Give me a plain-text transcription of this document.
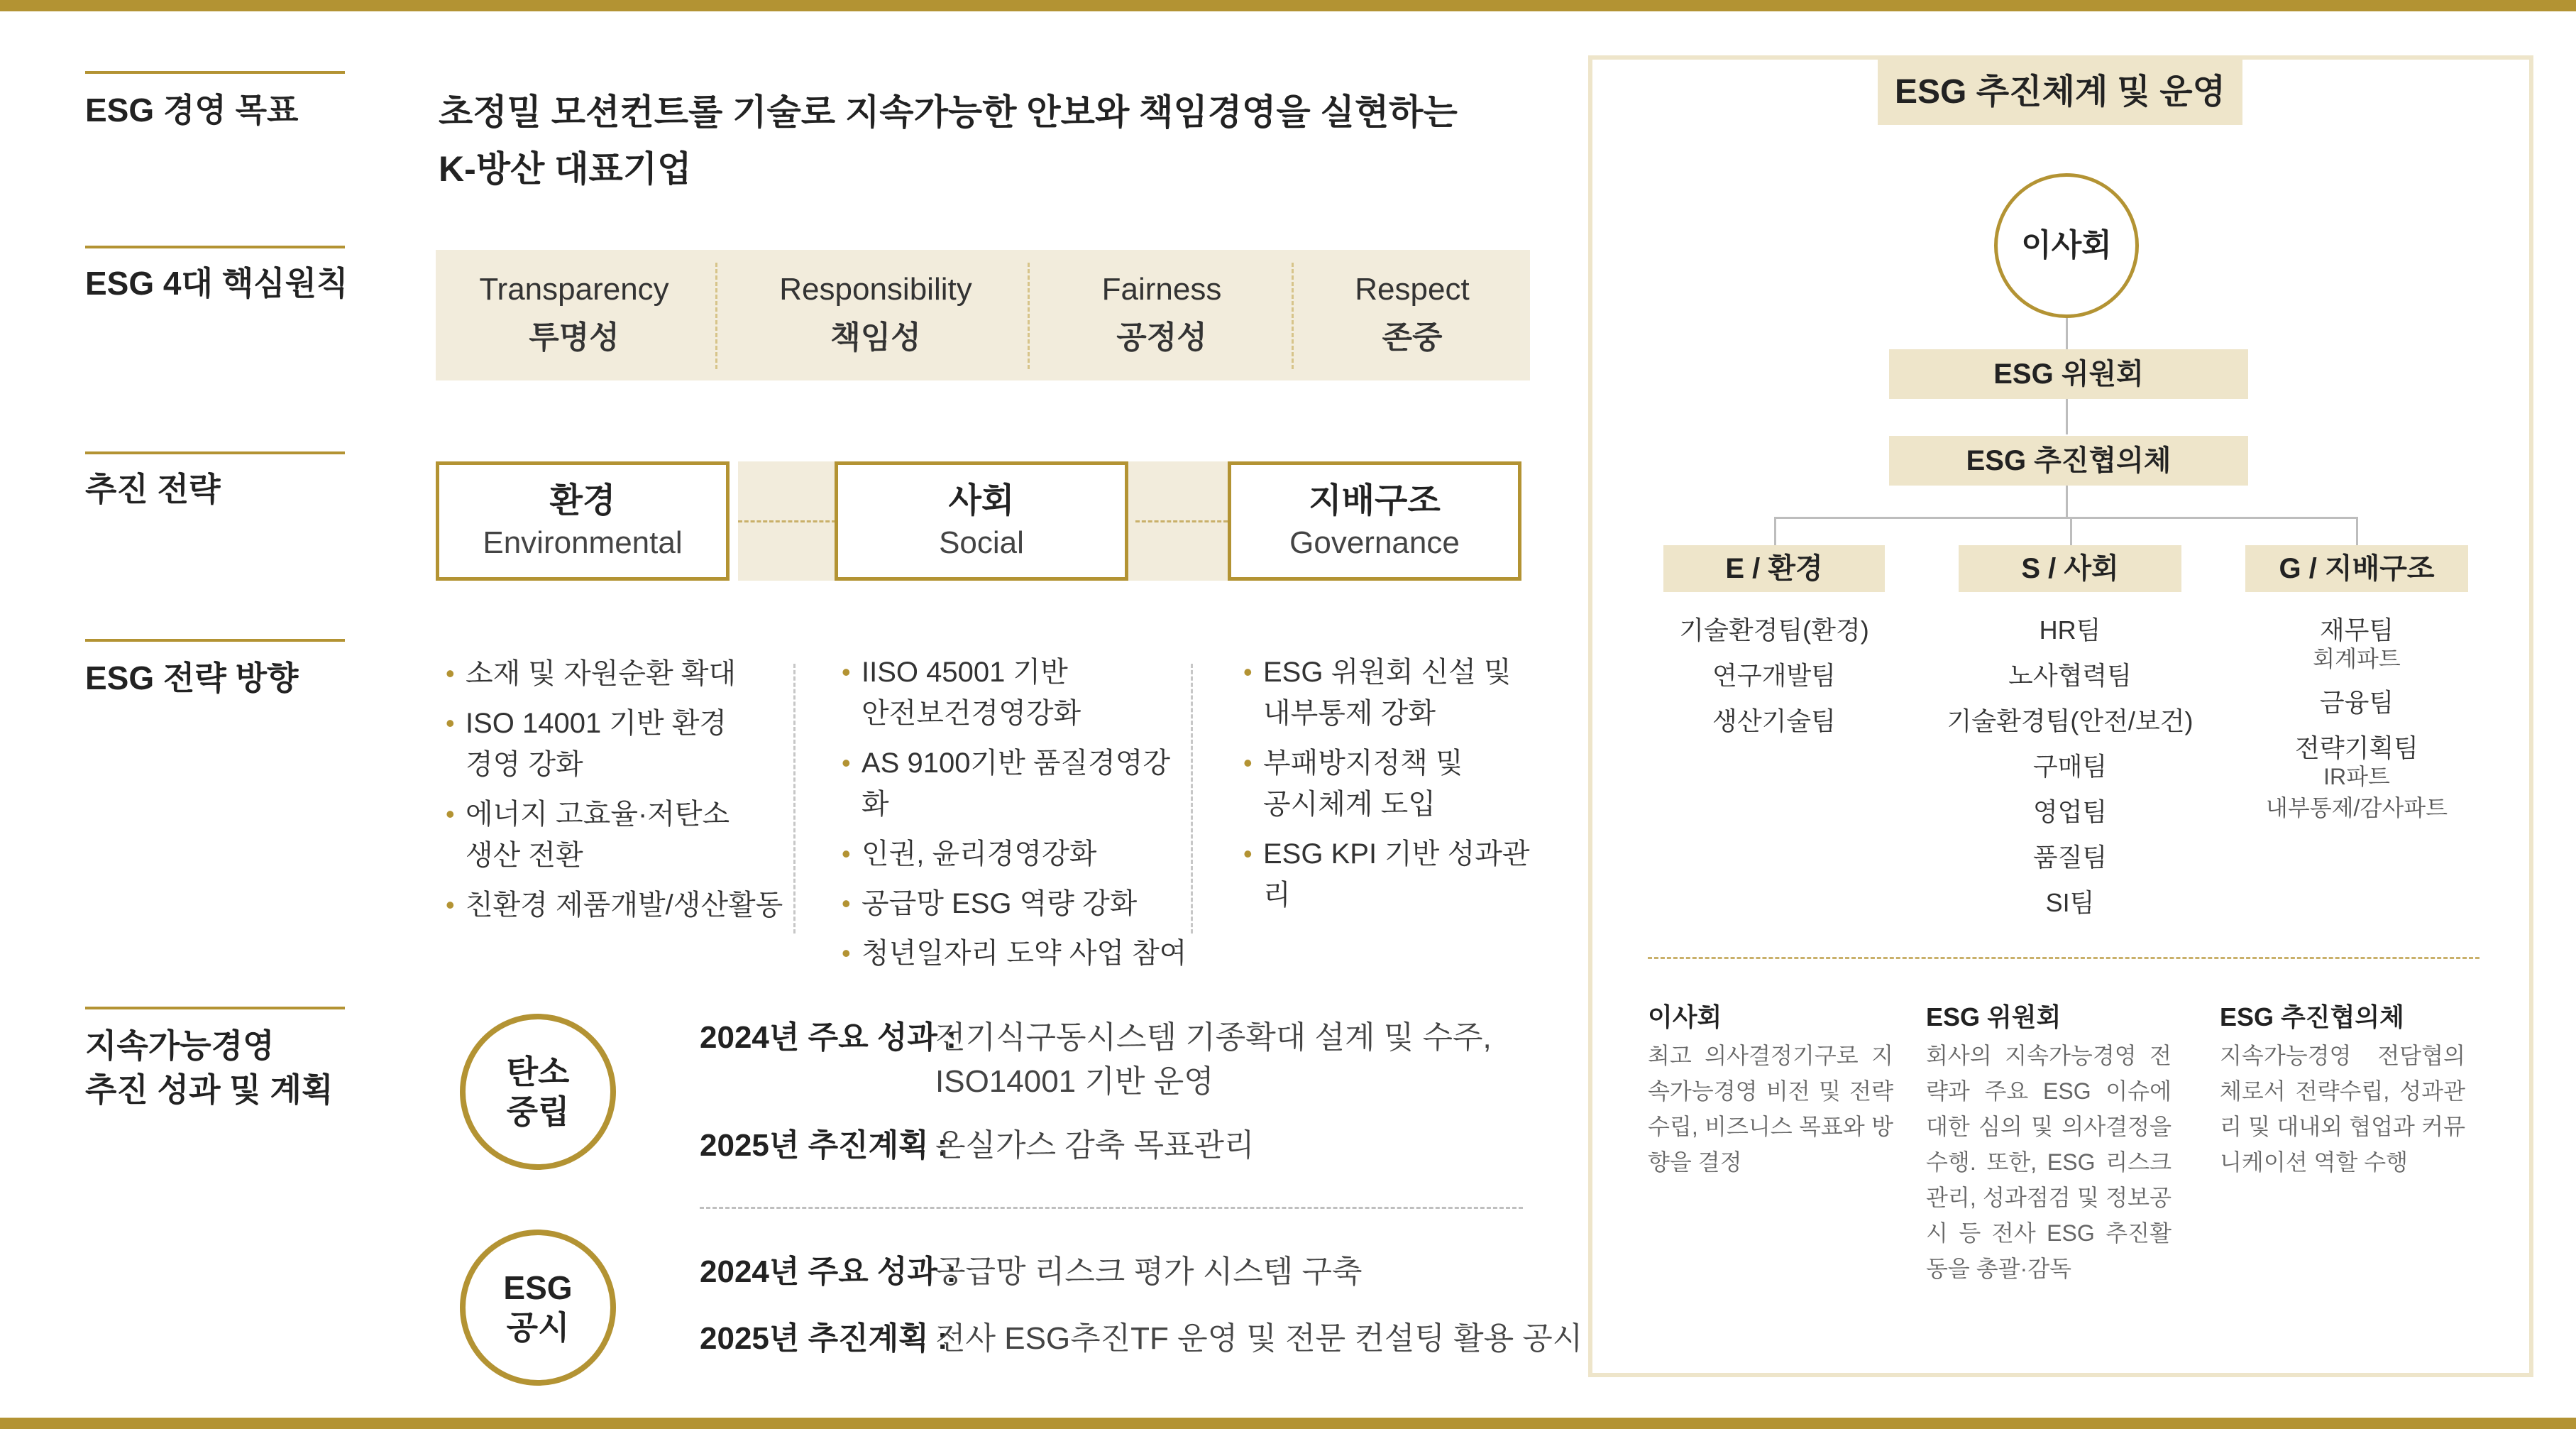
ESG 경영 목표	초정밀 모션컨트롤 기술로 지속가능한 안보와 책임경영을 실현하는
K-방산 대표기업
ESG 4대 핵심원칙	Transparency
투명성
Responsibility
책임성
Fairness
공정성
Respect
존중
추진 전략	환경
Environmental
사회
Social
지배구조
Governance
ESG 전략 방향
•	소재 및 자원순환 확대
• ISO 14001 기반 환경
경영 강화
• 에너지 고효율·저탄소
생산 전환
• 친환경 제품개발/생산활동
• IISO 45001 기반
안전보건경영강화
• AS 9100기반 품질경영강화
• 인권, 윤리경영강화
• 공급망 ESG 역량 강화
• 청년일자리 도약 사업 참여
• ESG 위원회 신설 및
내부통제 강화
• 부패방지정책 및
공시체계 도입
• ESG KPI 기반 성과관리
지속가능경영
추진 성과 및 계획	탄소
중립
2024년 주요 성과 :
전기식구동시스템 기종확대 설계 및 수주,
ISO14001 기반 운영
2025년 추진계획 :
온실가스 감축 목표관리
ESG
공시
2024년 주요 성과 :
공급망 리스크 평가 시스템 구축
2025년 추진계획 :
전사 ESG추진TF 운영 및 전문 컨설팅 활용 공시
ESG 추진체계 및 운영
이사회
ESG 위원회
ESG 추진협의체
E / 환경	S / 사회	G / 지배구조
기술환경팀(환경)
연구개발팀
생산기술팀
HR팀
노사협력팀
기술환경팀(안전/보건)
구매팀
영업팀
품질팀
SI팀
재무팀
회계파트
금융팀
전략기획팀
IR파트
내부통제/감사파트
이사회
최고 의사결정기구로 지속가능경영 비전 및 전략 수립, 비즈니스 목표와 방향을 결정
ESG 위원회
회사의 지속가능경영 전략과 주요 ESG 이슈에 대한 심의 및 의사결정을 수행. 또한, ESG 리스크 관리, 성과점검 및 정보공시 등 전사 ESG 추진활동을 총괄·감독
ESG 추진협의체
지속가능경영 전담협의체로서 전략수립, 성과관리 및 대내외 협업과 커뮤니케이션 역할 수행
